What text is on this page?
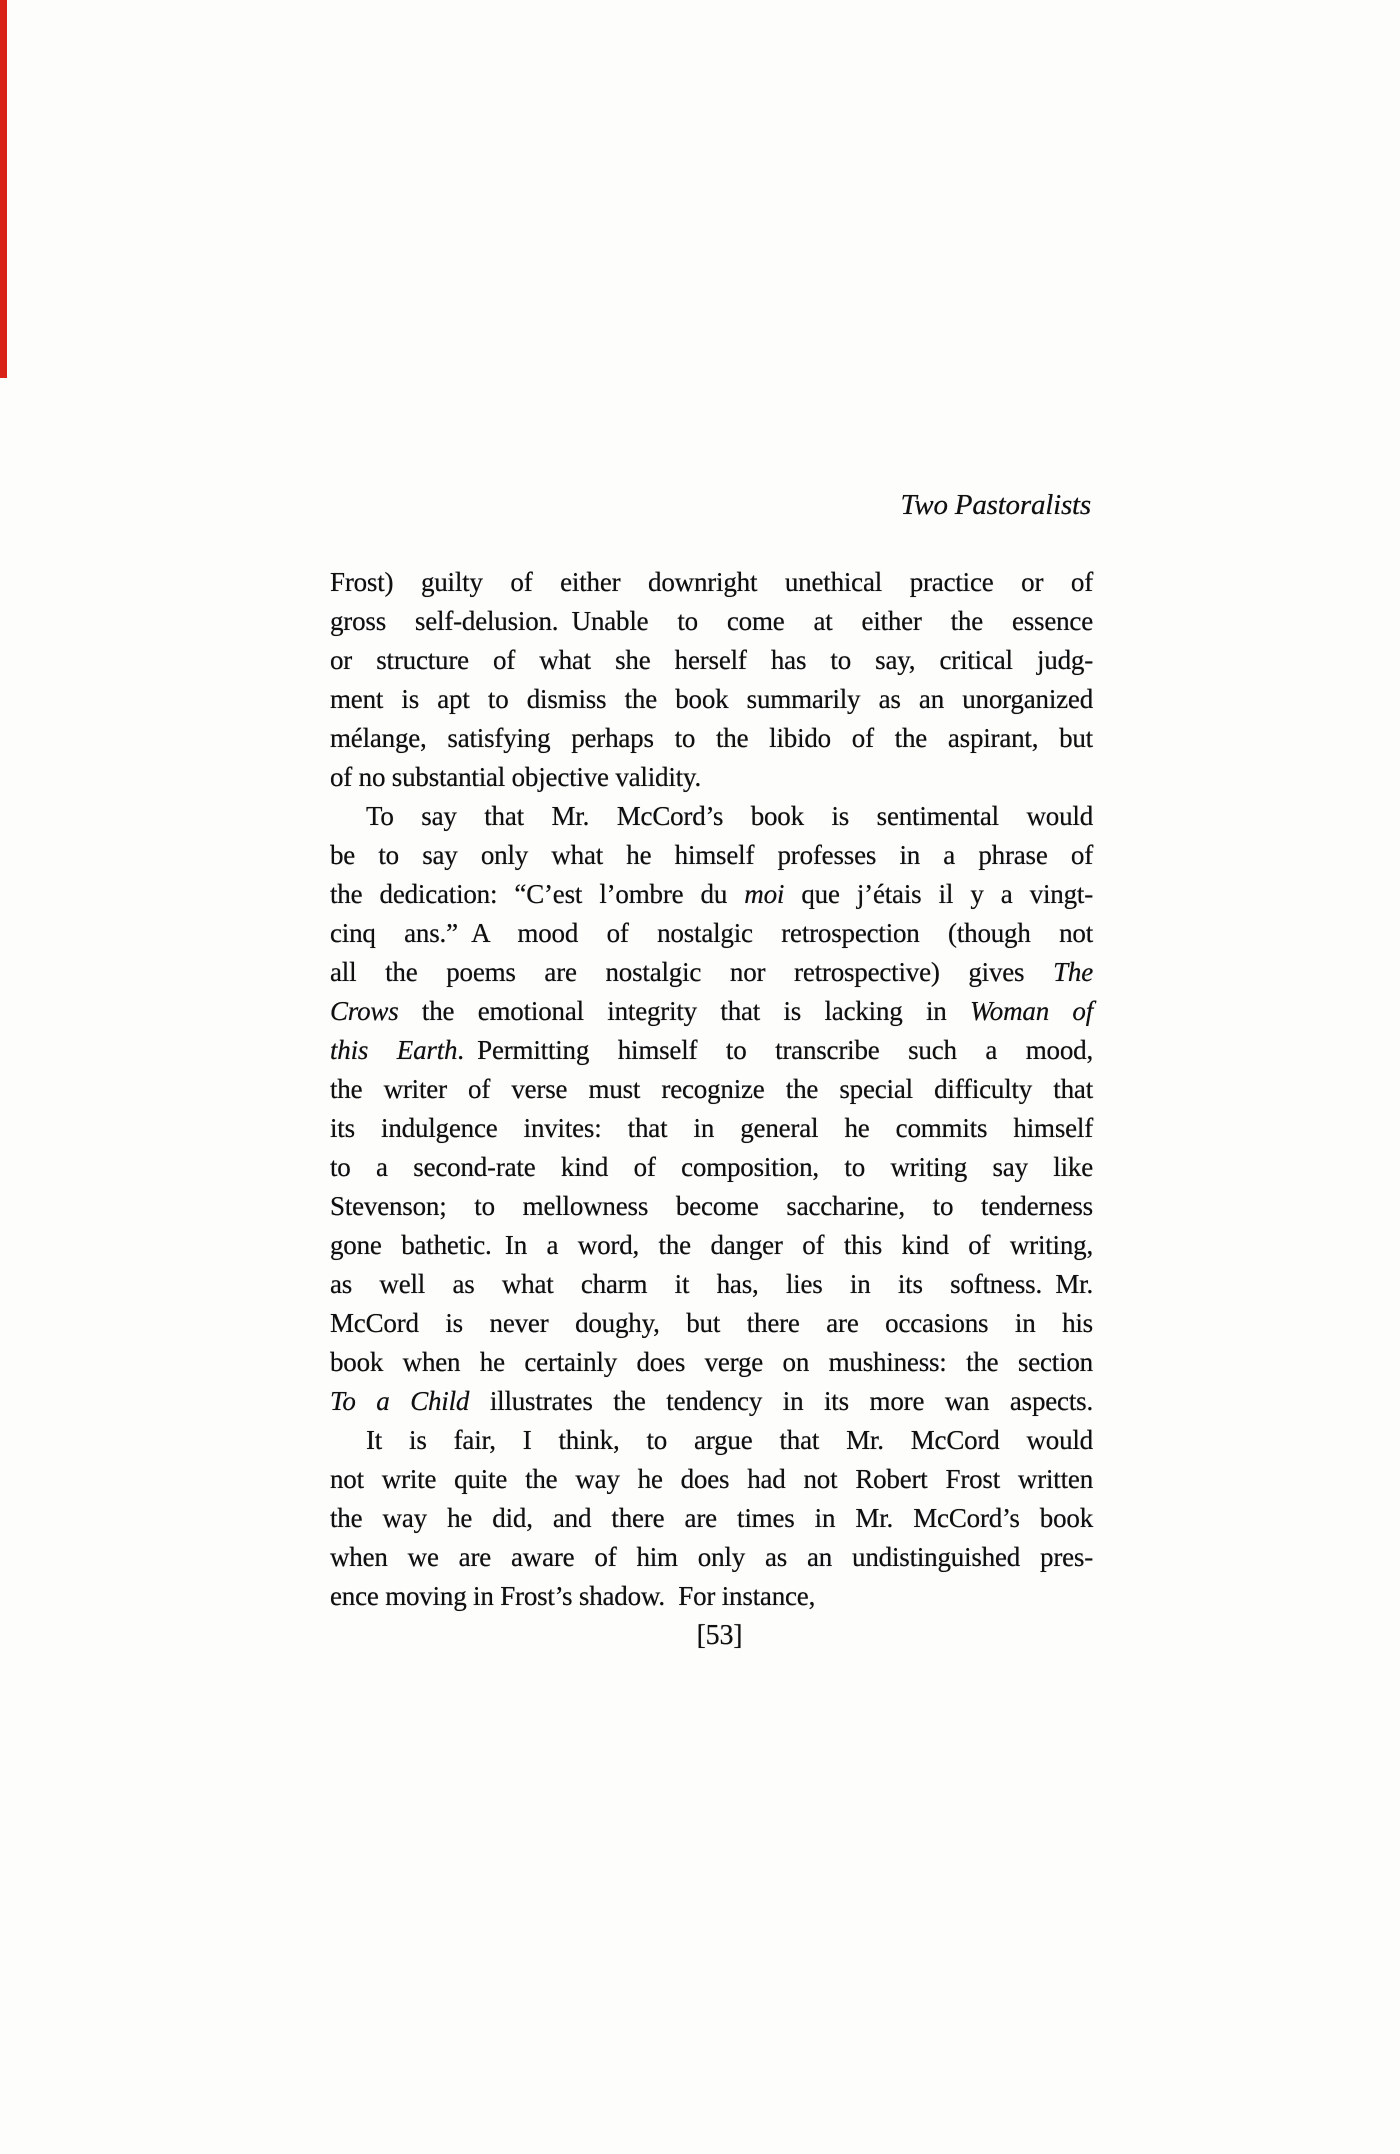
Two Pastoralists
Frost) guilty of either downright unethical practice or of
gross self-delusion. Unable to come at either the essence
or structure of what she herself has to say, critical judg-
ment is apt to dismiss the book summarily as an unorganized
mélange, satisfying perhaps to the libido of the aspirant, but
of no substantial objective validity.
To say that Mr. McCord’s book is sentimental would
be to say only what he himself professes in a phrase of
the dedication: “C’est l’ombre du moi que j’étais il y a vingt-
cinq ans.” A mood of nostalgic retrospection (though not
all the poems are nostalgic nor retrospective) gives The
Crows the emotional integrity that is lacking in Woman of
this Earth. Permitting himself to transcribe such a mood,
the writer of verse must recognize the special difficulty that
its indulgence invites: that in general he commits himself
to a second-rate kind of composition, to writing say like
Stevenson; to mellowness become saccharine, to tenderness
gone bathetic. In a word, the danger of this kind of writing,
as well as what charm it has, lies in its softness. Mr.
McCord is never doughy, but there are occasions in his
book when he certainly does verge on mushiness: the section
To a Child illustrates the tendency in its more wan aspects.
It is fair, I think, to argue that Mr. McCord would
not write quite the way he does had not Robert Frost written
the way he did, and there are times in Mr. McCord’s book
when we are aware of him only as an undistinguished pres-
ence moving in Frost’s shadow. For instance,
[53]
